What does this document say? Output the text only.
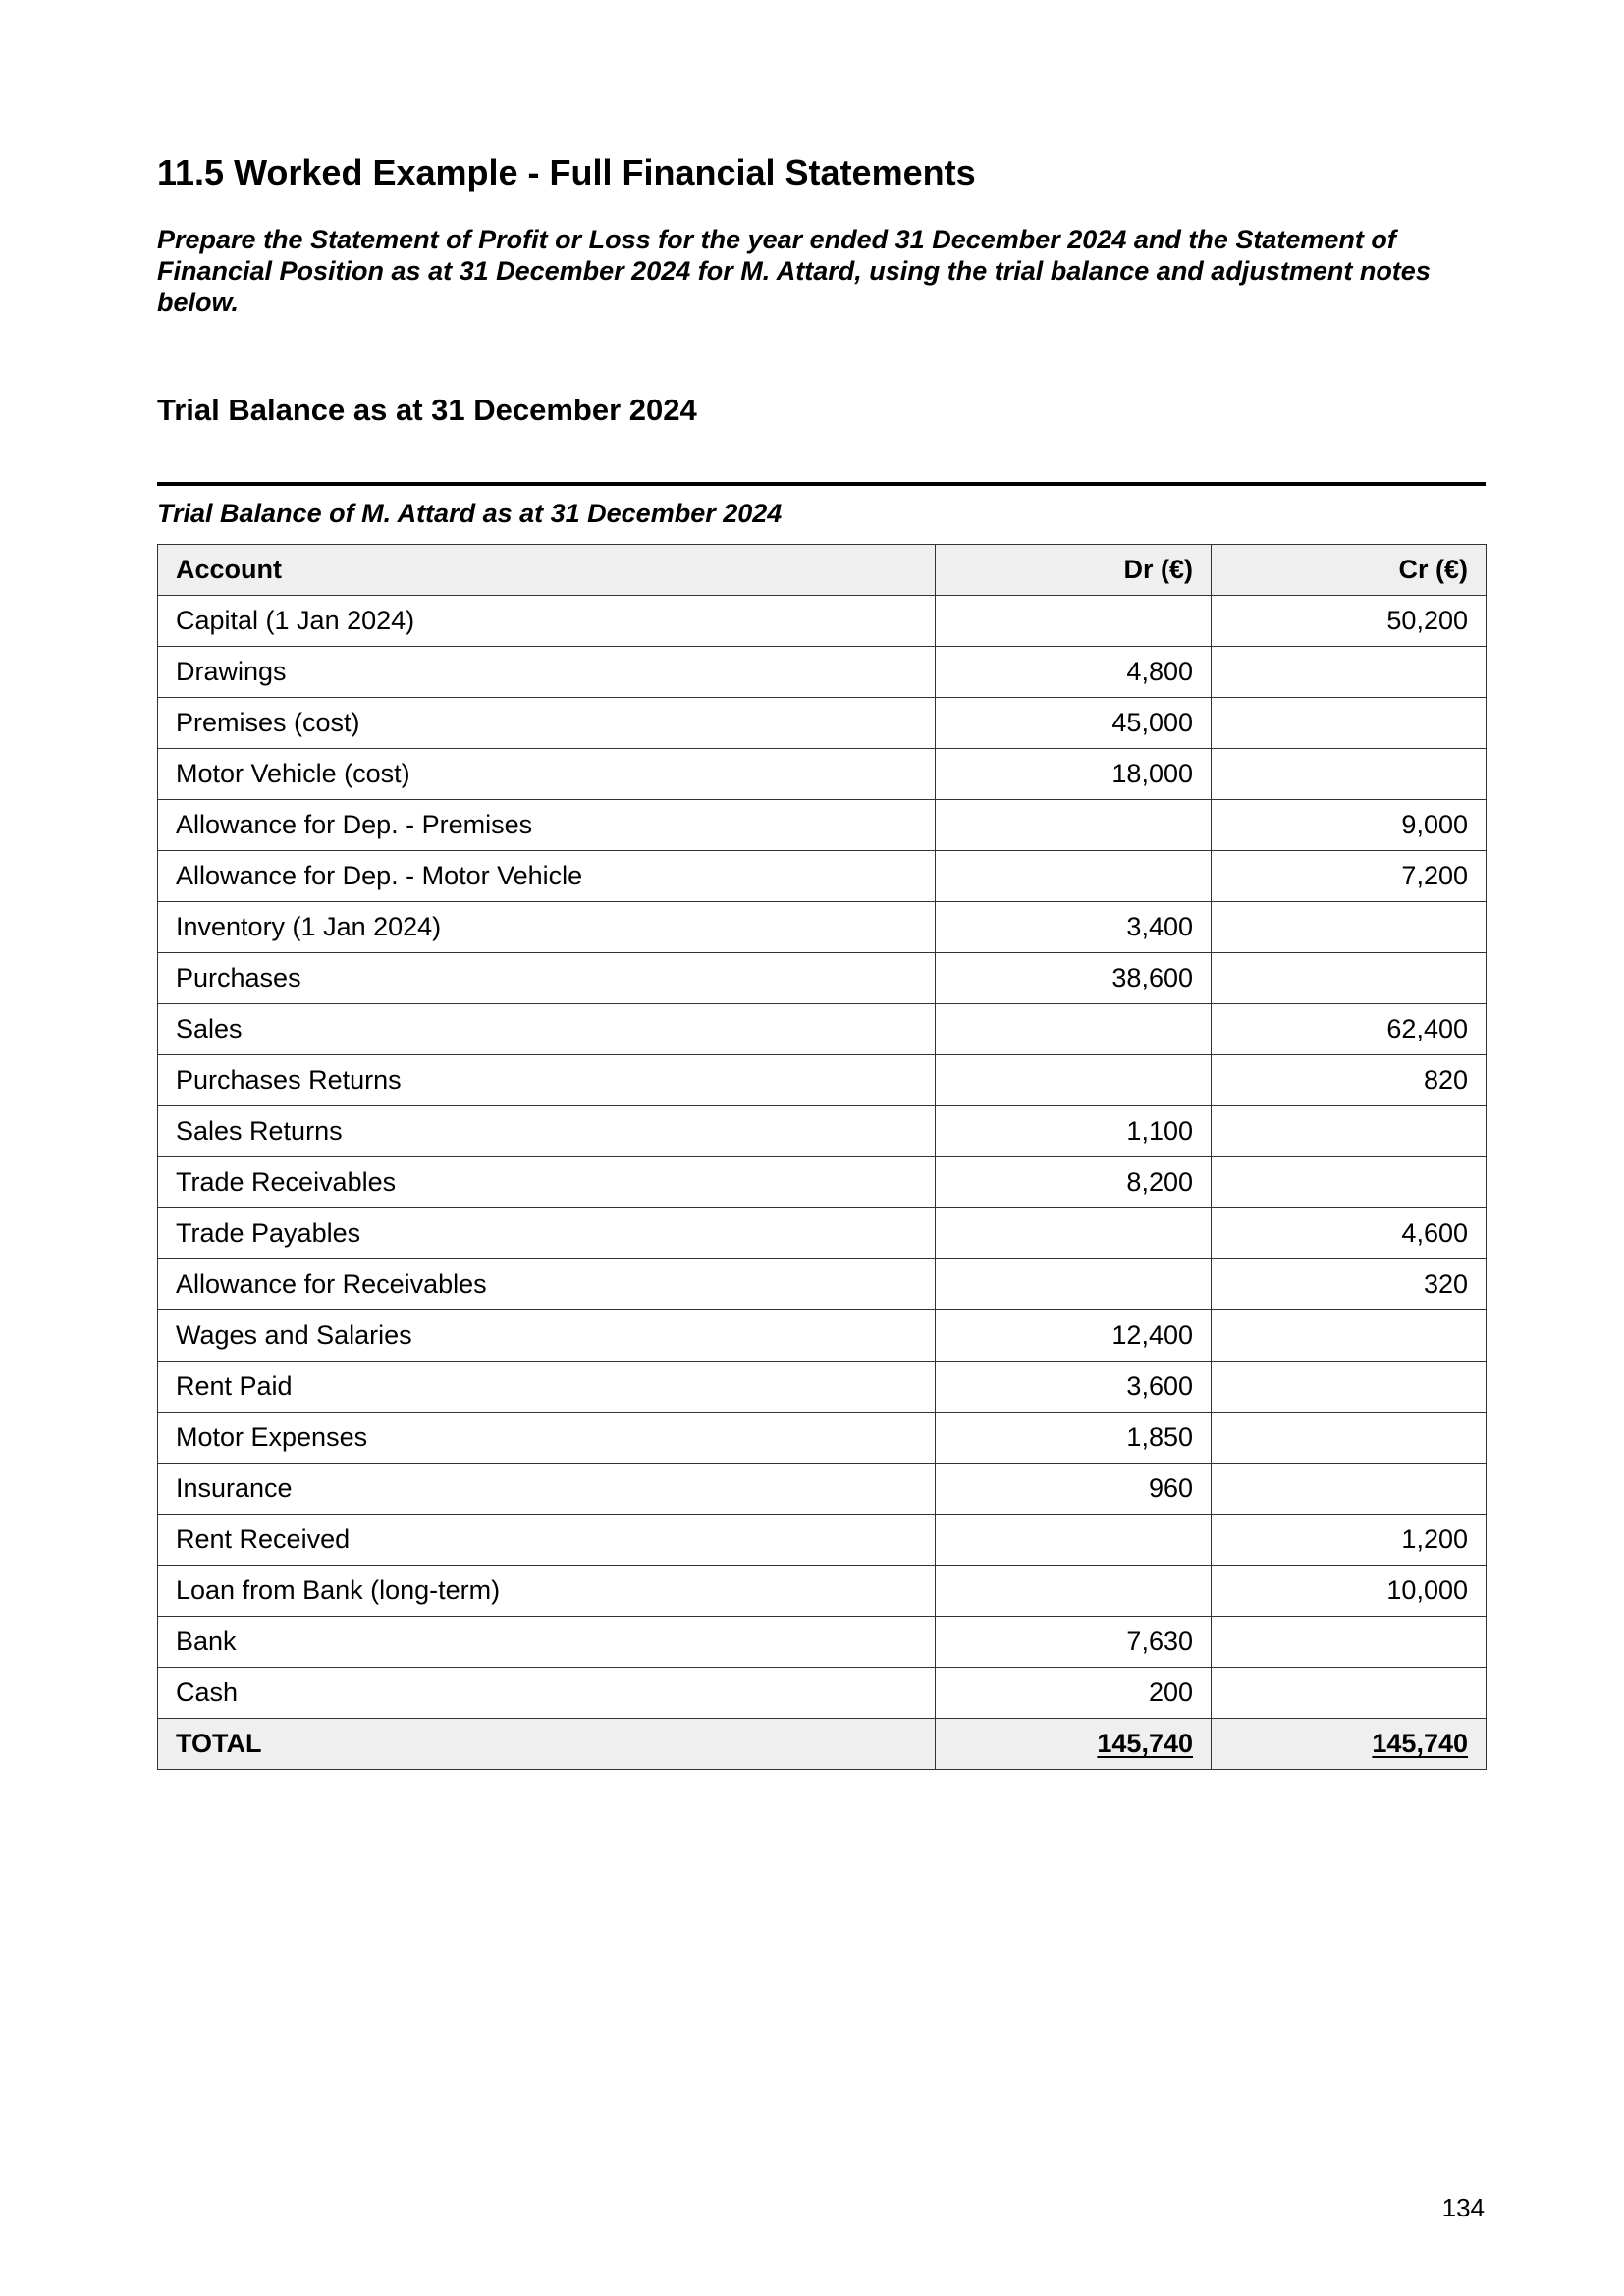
11.5 Worked Example - Full Financial Statements

Prepare the Statement of Profit or Loss for the year ended 31 December 2024 and the Statement of Financial Position as at 31 December 2024 for M. Attard, using the trial balance and adjustment notes below.

Trial Balance as at 31 December 2024

Trial Balance of M. Attard as at 31 December 2024

Account	Dr (€)	Cr (€)
Capital (1 Jan 2024)		50,200
Drawings	4,800	
Premises (cost)	45,000	
Motor Vehicle (cost)	18,000	
Allowance for Dep. - Premises		9,000
Allowance for Dep. - Motor Vehicle		7,200
Inventory (1 Jan 2024)	3,400	
Purchases	38,600	
Sales		62,400
Purchases Returns		820
Sales Returns	1,100	
Trade Receivables	8,200	
Trade Payables		4,600
Allowance for Receivables		320
Wages and Salaries	12,400	
Rent Paid	3,600	
Motor Expenses	1,850	
Insurance	960	
Rent Received		1,200
Loan from Bank (long-term)		10,000
Bank	7,630	
Cash	200	
TOTAL	145,740	145,740

134
